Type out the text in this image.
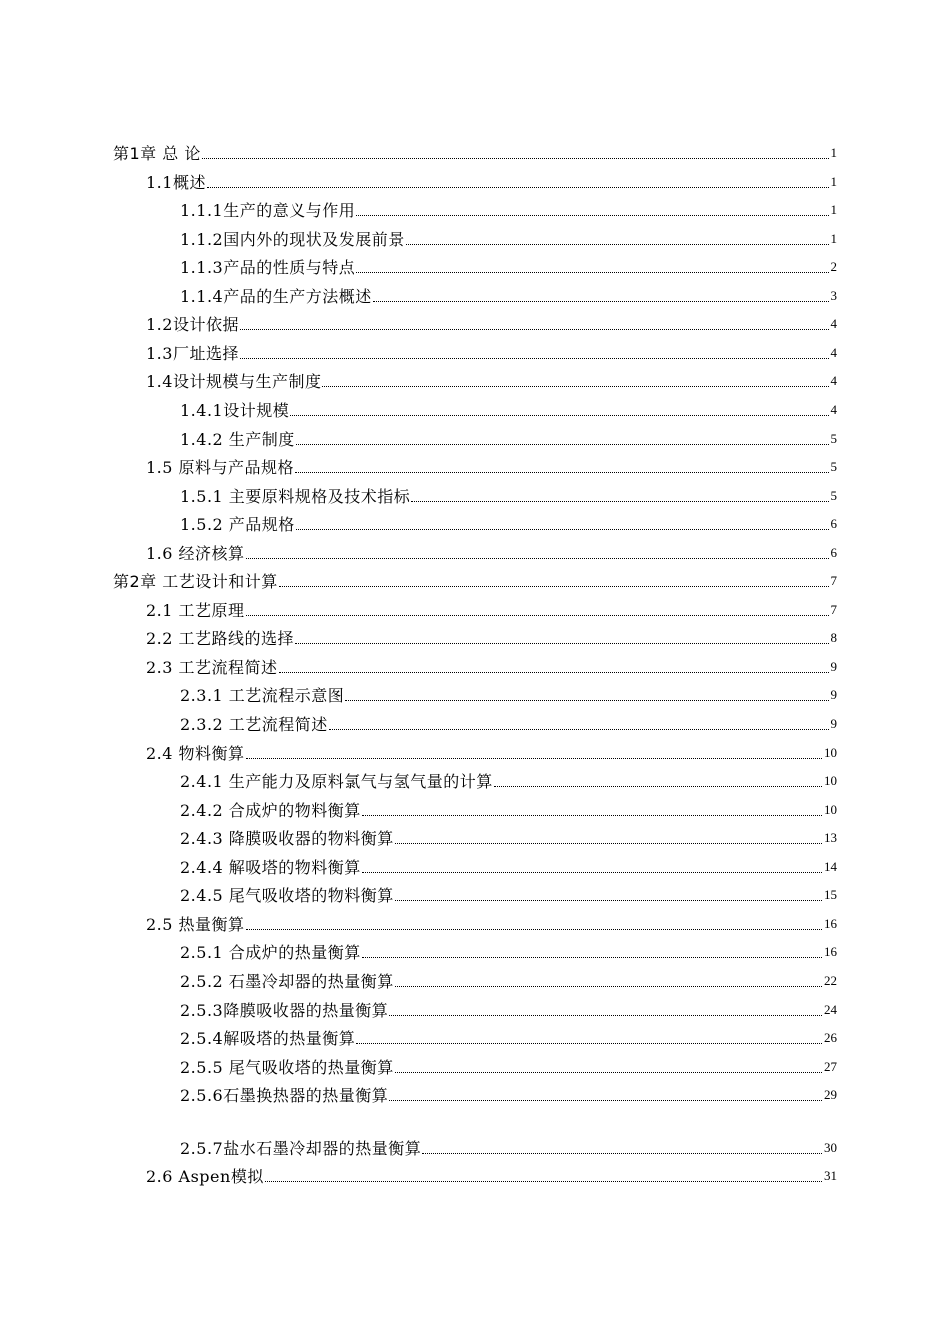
第1章 总 论	1
1.1概述	1
1.1.1生产的意义与作用	1
1.1.2国内外的现状及发展前景	1
1.1.3产品的性质与特点	2
1.1.4产品的生产方法概述	3
1.2设计依据	4
1.3厂址选择	4
1.4设计规模与生产制度	4
1.4.1设计规模	4
1.4.2 生产制度	5
1.5 原料与产品规格	5
1.5.1 主要原料规格及技术指标	5
1.5.2 产品规格	6
1.6 经济核算	6
第2章 工艺设计和计算	7
2.1 工艺原理	7
2.2 工艺路线的选择	8
2.3 工艺流程简述	9
2.3.1 工艺流程示意图	9
2.3.2 工艺流程简述	9
2.4 物料衡算	10
2.4.1 生产能力及原料氯气与氢气量的计算	10
2.4.2 合成炉的物料衡算	10
2.4.3 降膜吸收器的物料衡算	13
2.4.4 解吸塔的物料衡算	14
2.4.5 尾气吸收塔的物料衡算	15
2.5 热量衡算	16
2.5.1 合成炉的热量衡算	16
2.5.2 石墨冷却器的热量衡算	22
2.5.3降膜吸收器的热量衡算	24
2.5.4解吸塔的热量衡算	26
2.5.5 尾气吸收塔的热量衡算	27
2.5.6石墨换热器的热量衡算	29
2.5.7盐水石墨冷却器的热量衡算	30
2.6 Aspen模拟	31
